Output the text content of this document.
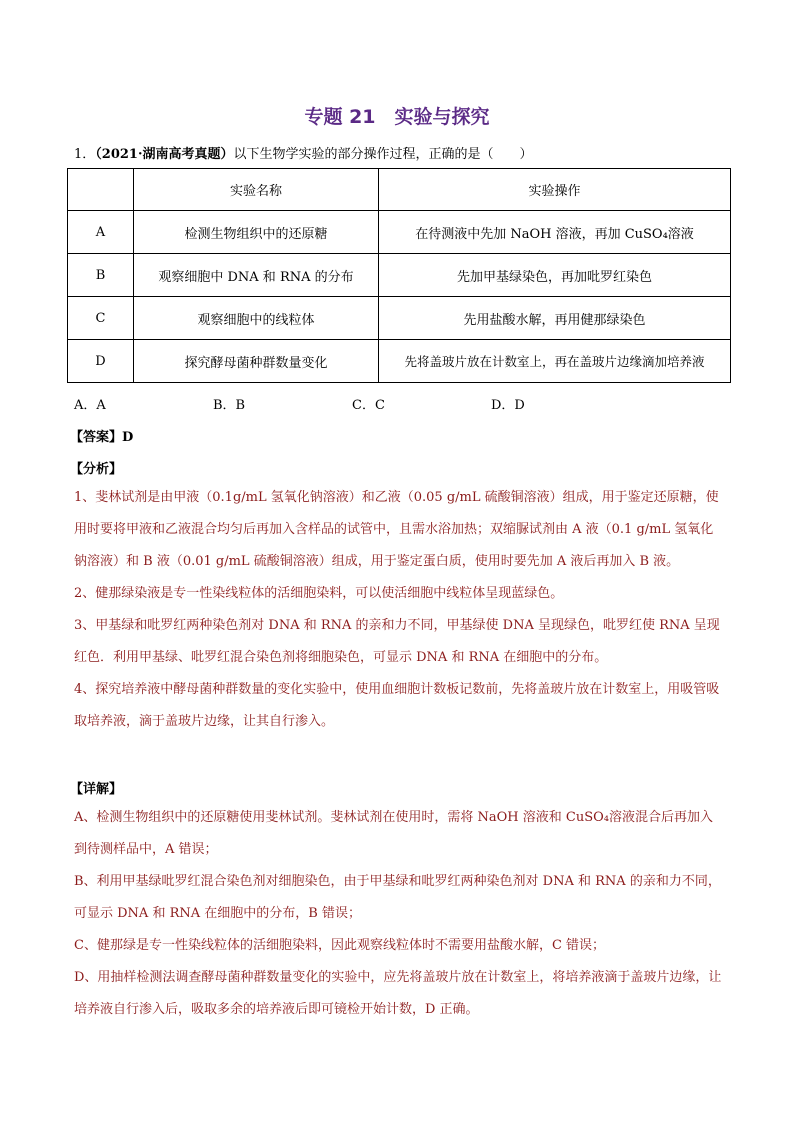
专题 21　实验与探究
1．（2021·湖南高考真题）以下生物学实验的部分操作过程，正确的是（　　）
	实验名称	实验操作
A	检测生物组织中的还原糖	在待测液中先加 NaOH 溶液，再加 CuSO₄溶液
B	观察细胞中 DNA 和 RNA 的分布	先加甲基绿染色，再加吡罗红染色
C	观察细胞中的线粒体	先用盐酸水解，再用健那绿染色
D	探究酵母菌种群数量变化	先将盖玻片放在计数室上，再在盖玻片边缘滴加培养液
A．A	B．B	C．C	D．D
【答案】D
【分析】

1、斐林试剂是由甲液（0.1g/mL 氢氧化钠溶液）和乙液（0.05 g/mL 硫酸铜溶液）组成，用于鉴定还原糖，使用时要将甲液和乙液混合均匀后再加入含样品的试管中，且需水浴加热；双缩脲试剂由 A 液（0.1 g/mL 氢氧化钠溶液）和 B 液（0.01 g/mL 硫酸铜溶液）组成，用于鉴定蛋白质，使用时要先加 A 液后再加入 B 液。

2、健那绿染液是专一性染线粒体的活细胞染料，可以使活细胞中线粒体呈现蓝绿色。

3、甲基绿和吡罗红两种染色剂对 DNA 和 RNA 的亲和力不同，甲基绿使 DNA 呈现绿色，吡罗红使 RNA 呈现红色．利用甲基绿、吡罗红混合染色剂将细胞染色，可显示 DNA 和 RNA 在细胞中的分布。

4、探究培养液中酵母菌种群数量的变化实验中，使用血细胞计数板记数前，先将盖玻片放在计数室上，用吸管吸取培养液，滴于盖玻片边缘，让其自行渗入。

【详解】

A、检测生物组织中的还原糖使用斐林试剂。斐林试剂在使用时，需将 NaOH 溶液和 CuSO₄溶液混合后再加入到待测样品中，A 错误；

B、利用甲基绿吡罗红混合染色剂对细胞染色，由于甲基绿和吡罗红两种染色剂对 DNA 和 RNA 的亲和力不同，可显示 DNA 和 RNA 在细胞中的分布，B 错误；

C、健那绿是专一性染线粒体的活细胞染料，因此观察线粒体时不需要用盐酸水解，C 错误；

D、用抽样检测法调查酵母菌种群数量变化的实验中，应先将盖玻片放在计数室上，将培养液滴于盖玻片边缘，让培养液自行渗入后，吸取多余的培养液后即可镜检开始计数，D 正确。
